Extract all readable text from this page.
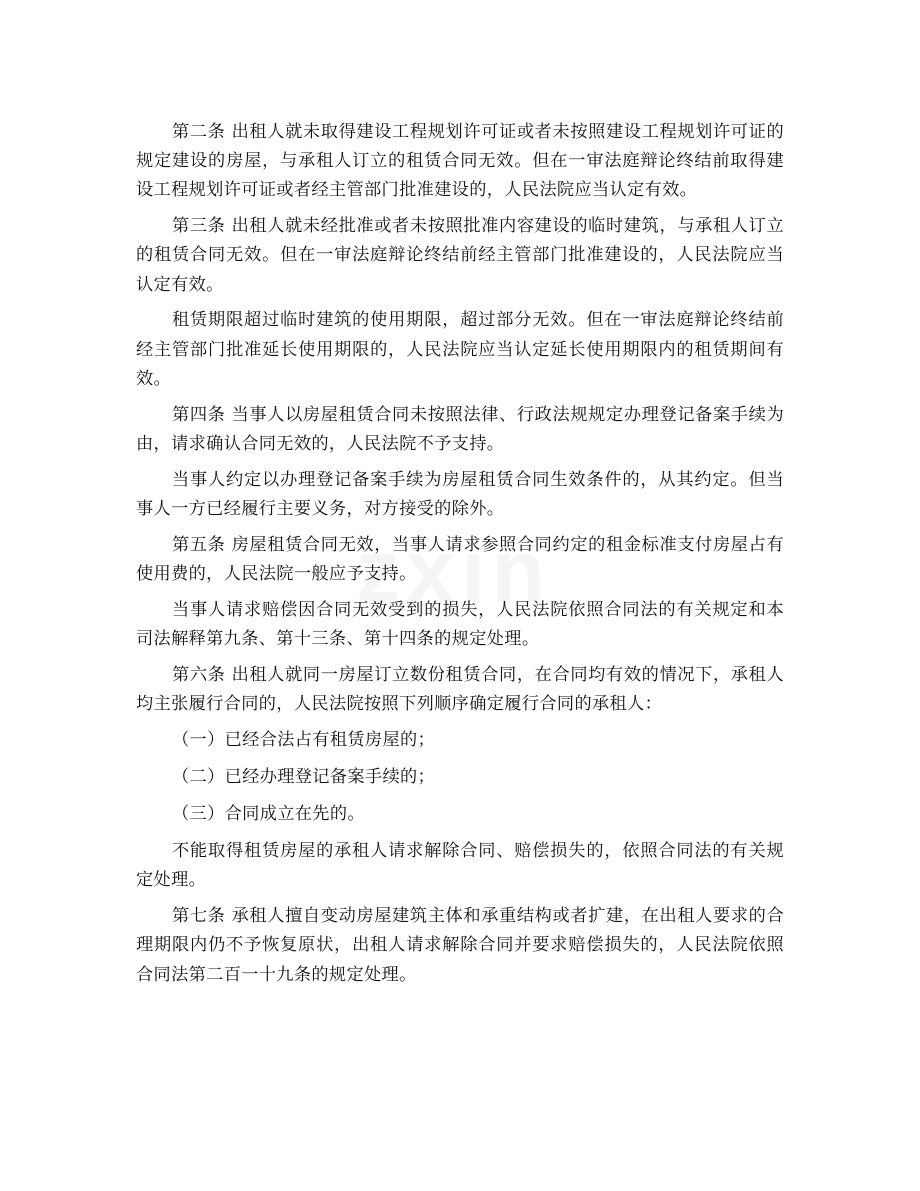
第二条 出租人就未取得建设工程规划许可证或者未按照建设工程规划许可证的规定建设的房屋，与承租人订立的租赁合同无效。但在一审法庭辩论终结前取得建设工程规划许可证或者经主管部门批准建设的，人民法院应当认定有效。

第三条 出租人就未经批准或者未按照批准内容建设的临时建筑，与承租人订立的租赁合同无效。但在一审法庭辩论终结前经主管部门批准建设的，人民法院应当认定有效。

租赁期限超过临时建筑的使用期限，超过部分无效。但在一审法庭辩论终结前经主管部门批准延长使用期限的，人民法院应当认定延长使用期限内的租赁期间有效。

第四条 当事人以房屋租赁合同未按照法律、行政法规规定办理登记备案手续为由，请求确认合同无效的，人民法院不予支持。

当事人约定以办理登记备案手续为房屋租赁合同生效条件的，从其约定。但当事人一方已经履行主要义务，对方接受的除外。

第五条 房屋租赁合同无效，当事人请求参照合同约定的租金标准支付房屋占有使用费的，人民法院一般应予支持。

当事人请求赔偿因合同无效受到的损失，人民法院依照合同法的有关规定和本司法解释第九条、第十三条、第十四条的规定处理。

第六条 出租人就同一房屋订立数份租赁合同，在合同均有效的情况下，承租人均主张履行合同的，人民法院按照下列顺序确定履行合同的承租人：

（一）已经合法占有租赁房屋的；

（二）已经办理登记备案手续的；

（三）合同成立在先的。

不能取得租赁房屋的承租人请求解除合同、赔偿损失的，依照合同法的有关规定处理。

第七条 承租人擅自变动房屋建筑主体和承重结构或者扩建，在出租人要求的合理期限内仍不予恢复原状，出租人请求解除合同并要求赔偿损失的，人民法院依照合同法第二百一十九条的规定处理。
